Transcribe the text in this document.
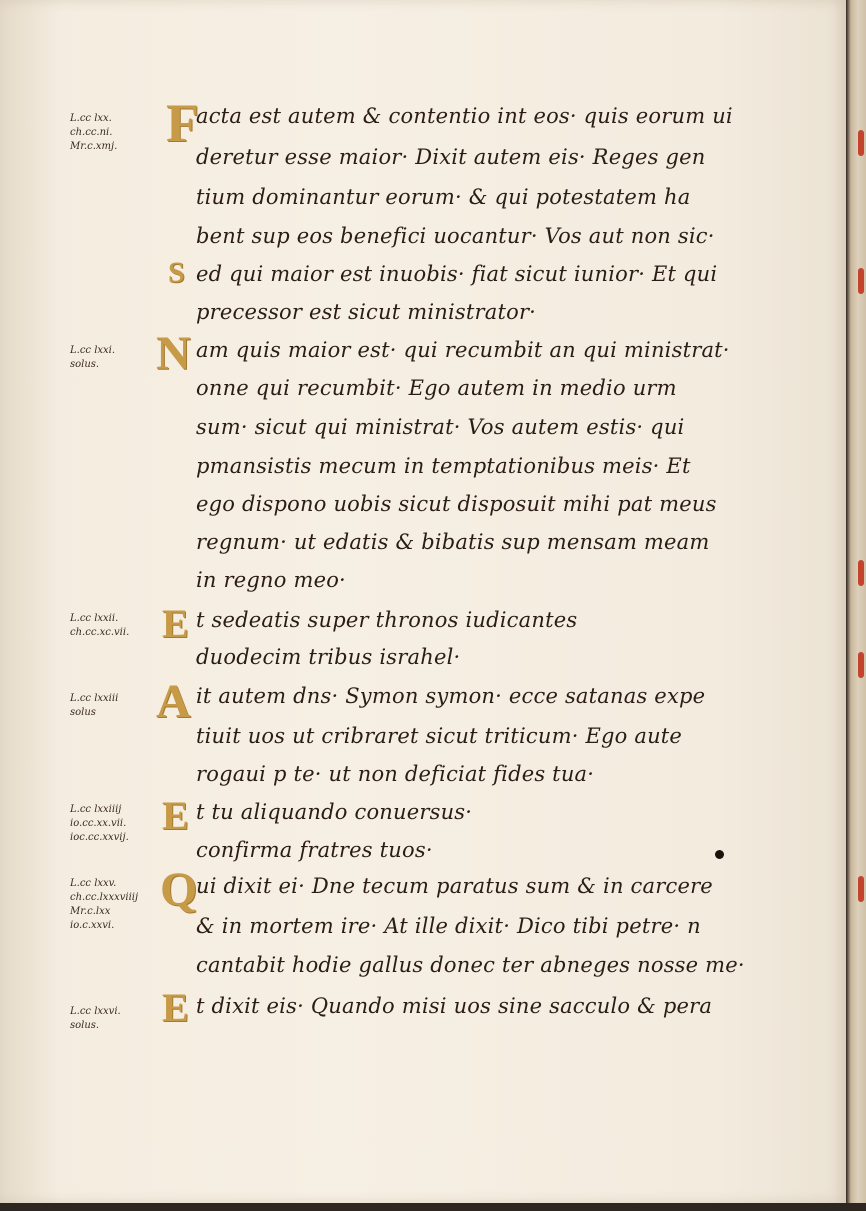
L.cc lxx.
ch.cc.ni.
Mr.c.xmj.
L.cc lxxi.
solus.
L.cc lxxii.
ch.cc.xc.vii.
L.cc lxxiii
solus
L.cc lxxiiij
io.cc.xx.vii.
ioc.cc.xxvij.
L.cc lxxv.
ch.cc.lxxxviiij
Mr.c.lxx
io.c.xxvi.
L.cc lxxvi.
solus.
F
S
N
E
A
E
Q
E
acta est autem & contentio int eos· quis eorum ui
deretur esse maior· Dixit autem eis· Reges gen
tium dominantur eorum· & qui potestatem ha
bent sup eos benefici uocantur· Vos aut non sic·
ed qui maior est inuobis· fiat sicut iunior· Et qui
precessor est sicut ministrator·
am quis maior est· qui recumbit an qui ministrat·
onne qui recumbit· Ego autem in medio urm
sum· sicut qui ministrat· Vos autem estis· qui
pmansistis mecum in temptationibus meis· Et
ego dispono uobis sicut disposuit mihi pat meus
regnum· ut edatis & bibatis sup mensam meam
in regno meo·
t sedeatis super thronos iudicantes
duodecim tribus israhel·
it autem dns· Symon symon· ecce satanas expe
tiuit uos ut cribraret sicut triticum· Ego aute
rogaui p te· ut non deficiat fides tua·
t tu aliquando conuersus·
confirma fratres tuos·
ui dixit ei· Dne tecum paratus sum & in carcere
& in mortem ire· At ille dixit· Dico tibi petre· n
cantabit hodie gallus donec ter abneges nosse me·
t dixit eis· Quando misi uos sine sacculo & pera
